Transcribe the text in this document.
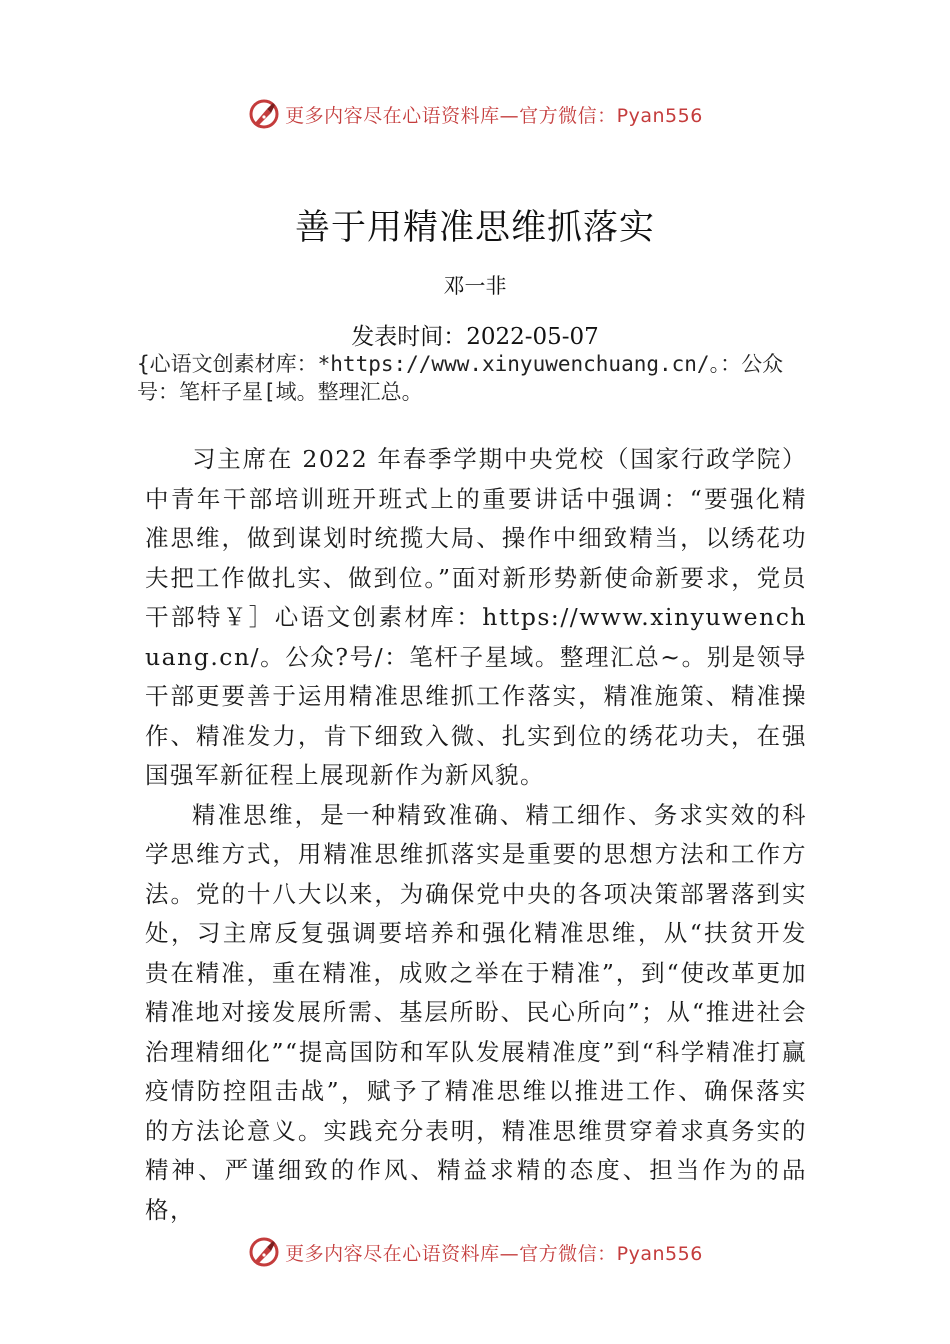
更多内容尽在心语资料库—官方微信：Pyan556
善于用精准思维抓落实
邓一非
发表时间：2022-05-07
{心语文创素材库：*https://www.xinyuwenchuang.cn/。：公众号：笔杆子星[域。整理汇总。

习主席在 2022 年春季学期中央党校（国家行政学院）中青年干部培训班开班式上的重要讲话中强调：“要强化精准思维，做到谋划时统揽大局、操作中细致精当，以绣花功夫把工作做扎实、做到位。”面对新形势新使命新要求，党员干部特￥］心语文创素材库：https://www.xinyuwenchuang.cn/。公众?号/：笔杆子星域。整理汇总~。别是领导干部更要善于运用精准思维抓工作落实，精准施策、精准操作、精准发力，肯下细致入微、扎实到位的绣花功夫，在强国强军新征程上展现新作为新风貌。

精准思维，是一种精致准确、精工细作、务求实效的科学思维方式，用精准思维抓落实是重要的思想方法和工作方法。党的十八大以来，为确保党中央的各项决策部署落到实处，习主席反复强调要培养和强化精准思维，从“扶贫开发贵在精准，重在精准，成败之举在于精准”，到“使改革更加精准地对接发展所需、基层所盼、民心所向”；从“推进社会治理精细化”“提高国防和军队发展精准度”到“科学精准打赢疫情防控阻击战”，赋予了精准思维以推进工作、确保落实的方法论意义。实践充分表明，精准思维贯穿着求真务实的精神、严谨细致的作风、精益求精的态度、担当作为的品格，

更多内容尽在心语资料库—官方微信：Pyan556
